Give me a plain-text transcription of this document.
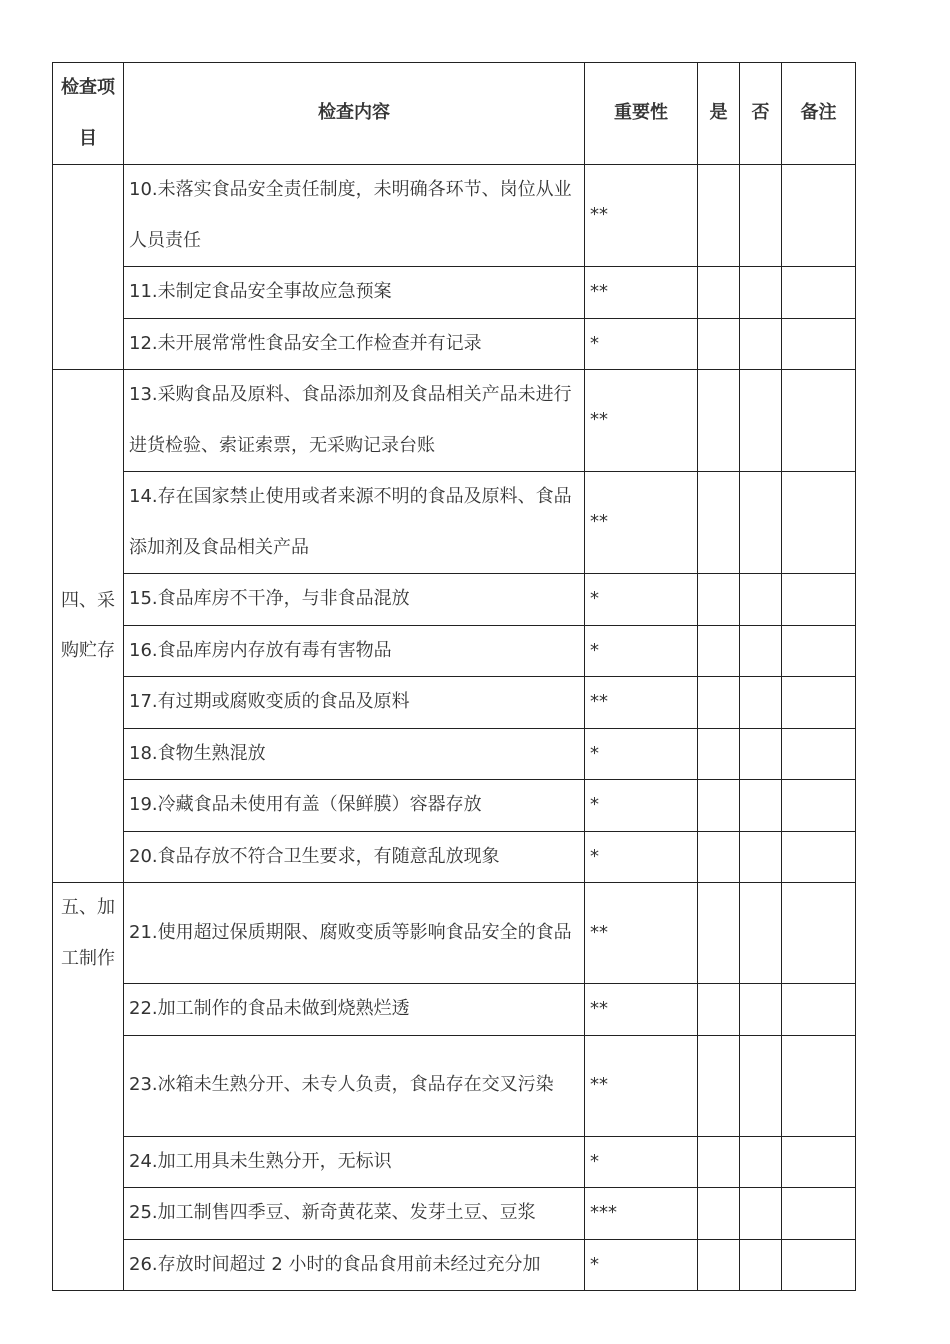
检查项目	检查内容	重要性	是	否	备注
	10.未落实食品安全责任制度，未明确各环节、岗位从业人员责任	**			
	11.未制定食品安全事故应急预案	**			
	12.未开展常常性食品安全工作检查并有记录	*			
四、采购贮存	13.采购食品及原料、食品添加剂及食品相关产品未进行进货检验、索证索票，无采购记录台账	**			
	14.存在国家禁止使用或者来源不明的食品及原料、食品添加剂及食品相关产品	**			
	15.食品库房不干净，与非食品混放	*			
	16.食品库房内存放有毒有害物品	*			
	17.有过期或腐败变质的食品及原料	**			
	18.食物生熟混放	*			
	19.冷藏食品未使用有盖（保鲜膜）容器存放	*			
	20.食品存放不符合卫生要求，有随意乱放现象	*			
五、加工制作	21.使用超过保质期限、腐败变质等影响食品安全的食品	**			
	22.加工制作的食品未做到烧熟烂透	**			
	23.冰箱未生熟分开、未专人负责，食品存在交叉污染	**			
	24.加工用具未生熟分开，无标识	*			
	25.加工制售四季豆、新奇黄花菜、发芽土豆、豆浆	***			
	26.存放时间超过 2 小时的食品食用前未经过充分加	*			
